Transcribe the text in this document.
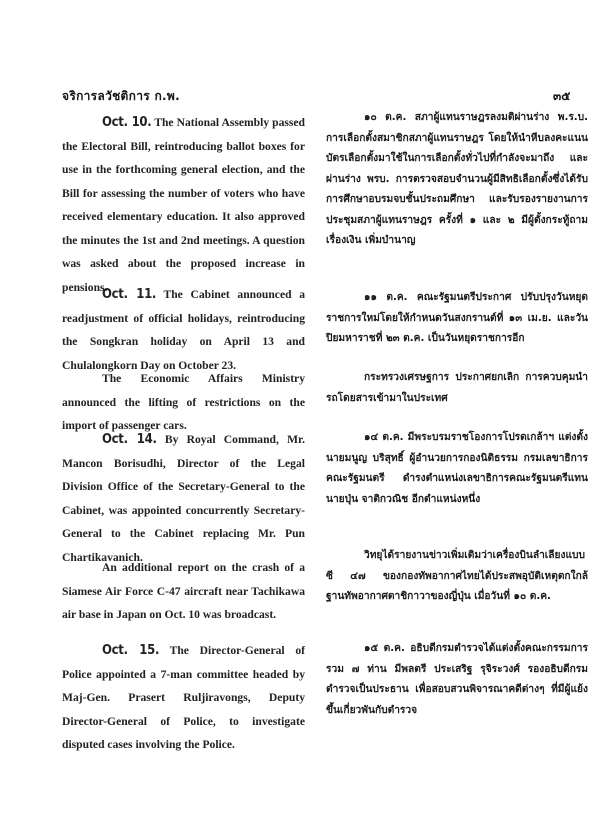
จริการลวัชติการ ก.พ.	๓๕

Oct. 10. The National Assembly passed the Electoral Bill, reintroducing ballot boxes for use in the forthcoming general election, and the Bill for assessing the number of voters who have received elementary education. It also approved the minutes the 1st and 2nd meetings. A question was asked about the proposed increase in pensions.

Oct. 11. The Cabinet announced a readjustment of official holidays, reintroducing the Songkran holiday on April 13 and Chulalongkorn Day on October 23.

The Economic Affairs Ministry announced the lifting of restrictions on the import of passenger cars.

Oct. 14. By Royal Command, Mr. Mancon Borisudhi, Director of the Legal Division Office of the Secretary-General to the Cabinet, was appointed concurrently Secretary-General to the Cabinet replacing Mr. Pun Chartikavanich.

An additional report on the crash of a Siamese Air Force C-47 aircraft near Tachikawa air base in Japan on Oct. 10 was broadcast.

Oct. 15. The Director-General of Police appointed a 7-man committee headed by Maj-Gen. Prasert Ruljiravongs, Deputy Director-General of Police, to investigate disputed cases involving the Police.

๑๐ ต.ค. สภาผู้แทนราษฎรลงมติผ่านร่าง พ.ร.บ. การเลือกตั้งสมาชิกสภาผู้แทนราษฎร โดยให้นำหีบลงคะแนนบัตรเลือกตั้งมาใช้ในการเลือกตั้งทั่วไปที่กำลังจะมาถึง และผ่านร่าง พรบ. การตรวจสอบจำนวนผู้มีสิทธิเลือกตั้งซึ่งได้รับการศึกษาอบรมจบชั้นประถมศึกษา และรับรองรายงานการประชุมสภาผู้แทนราษฎร ครั้งที่ ๑ และ ๒ มีผู้ตั้งกระทู้ถาม เรื่องเงิน เพิ่มบำนาญ

๑๑ ต.ค. คณะรัฐมนตรีประกาศ ปรับปรุงวันหยุดราชการใหม่โดยให้กำหนดวันสงกรานต์ที่ ๑๓ เม.ย. และวันปิยมหาราชที่ ๒๓ ต.ค. เป็นวันหยุดราชการอีก

กระทรวงเศรษฐการ ประกาศยกเลิก การควบคุมนำรถโดยสารเข้ามาในประเทศ

๑๔ ต.ค. มีพระบรมราชโองการโปรดเกล้าฯ แต่งตั้งนายมนูญ บริสุทธิ์ ผู้อำนวยการกองนิติธรรม กรมเลขาธิการคณะรัฐมนตรี ดำรงตำแหน่งเลขาธิการคณะรัฐมนตรีแทนนายปุ่น จาติกวณิช อีกตำแหน่งหนึ่ง

วิทยุได้รายงานข่าวเพิ่มเติมว่าเครื่องบินลำเลียงแบบซี ๔๗ ของกองทัพอากาศไทยได้ประสพอุบัติเหตุตกใกล้ฐานทัพอากาศตาชิกาวาของญี่ปุ่น เมื่อวันที่ ๑๐ ต.ค.

๑๕ ต.ค. อธิบดีกรมตำรวจได้แต่งตั้งคณะกรรมการรวม ๗ ท่าน มีพลตรี ประเสริฐ รุจิระวงศ์ รองอธิบดีกรมตำรวจเป็นประธาน เพื่อสอบสวนพิจารณาคดีต่างๆ ที่มีผู้แย้งขึ้นเกี่ยวพันกับตำรวจ
